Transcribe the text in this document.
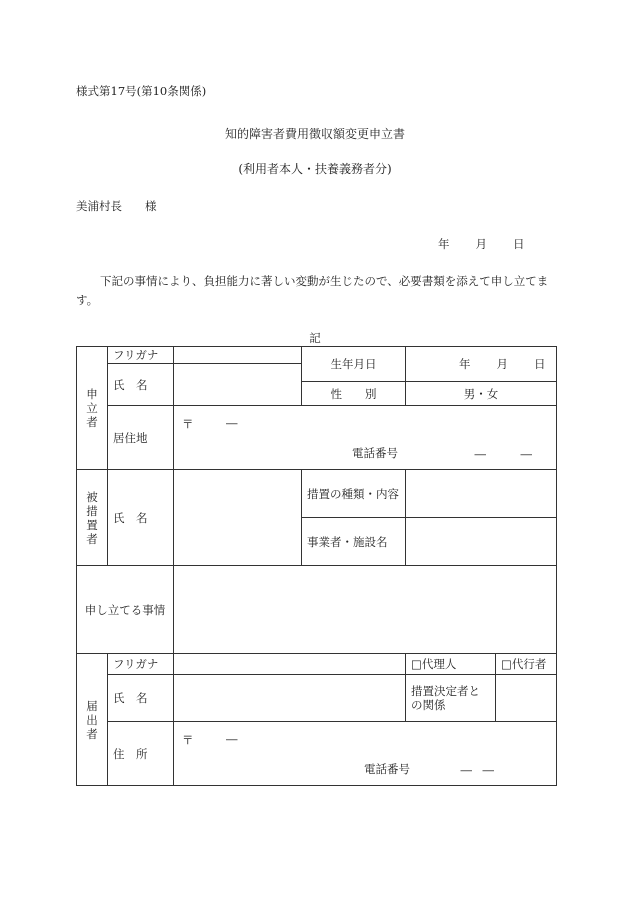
様式第17号(第10条関係)
知的障害者費用徴収額変更申立書
(利用者本人・扶養義務者分)
美浦村長　　様
年 月 日
下記の事情により、負担能力に著しい変動が生じたので、必要書類を添えて申し立てます。
記
申
立
者	フリガナ		生年月日	年 月 日	
	氏　名				
			性　　別	男・女	
	居住地	〒 ―
電話番号 ― ―			

被
措
置
者	氏　名		措置の種類・内容		
			事業者・施設名		
申し立てる事情					

届
出
者	フリガナ			□代理人	□代行者
	氏　名			措置決定者との関係	
	住　所	〒 ―
電話番号 ― ―			
